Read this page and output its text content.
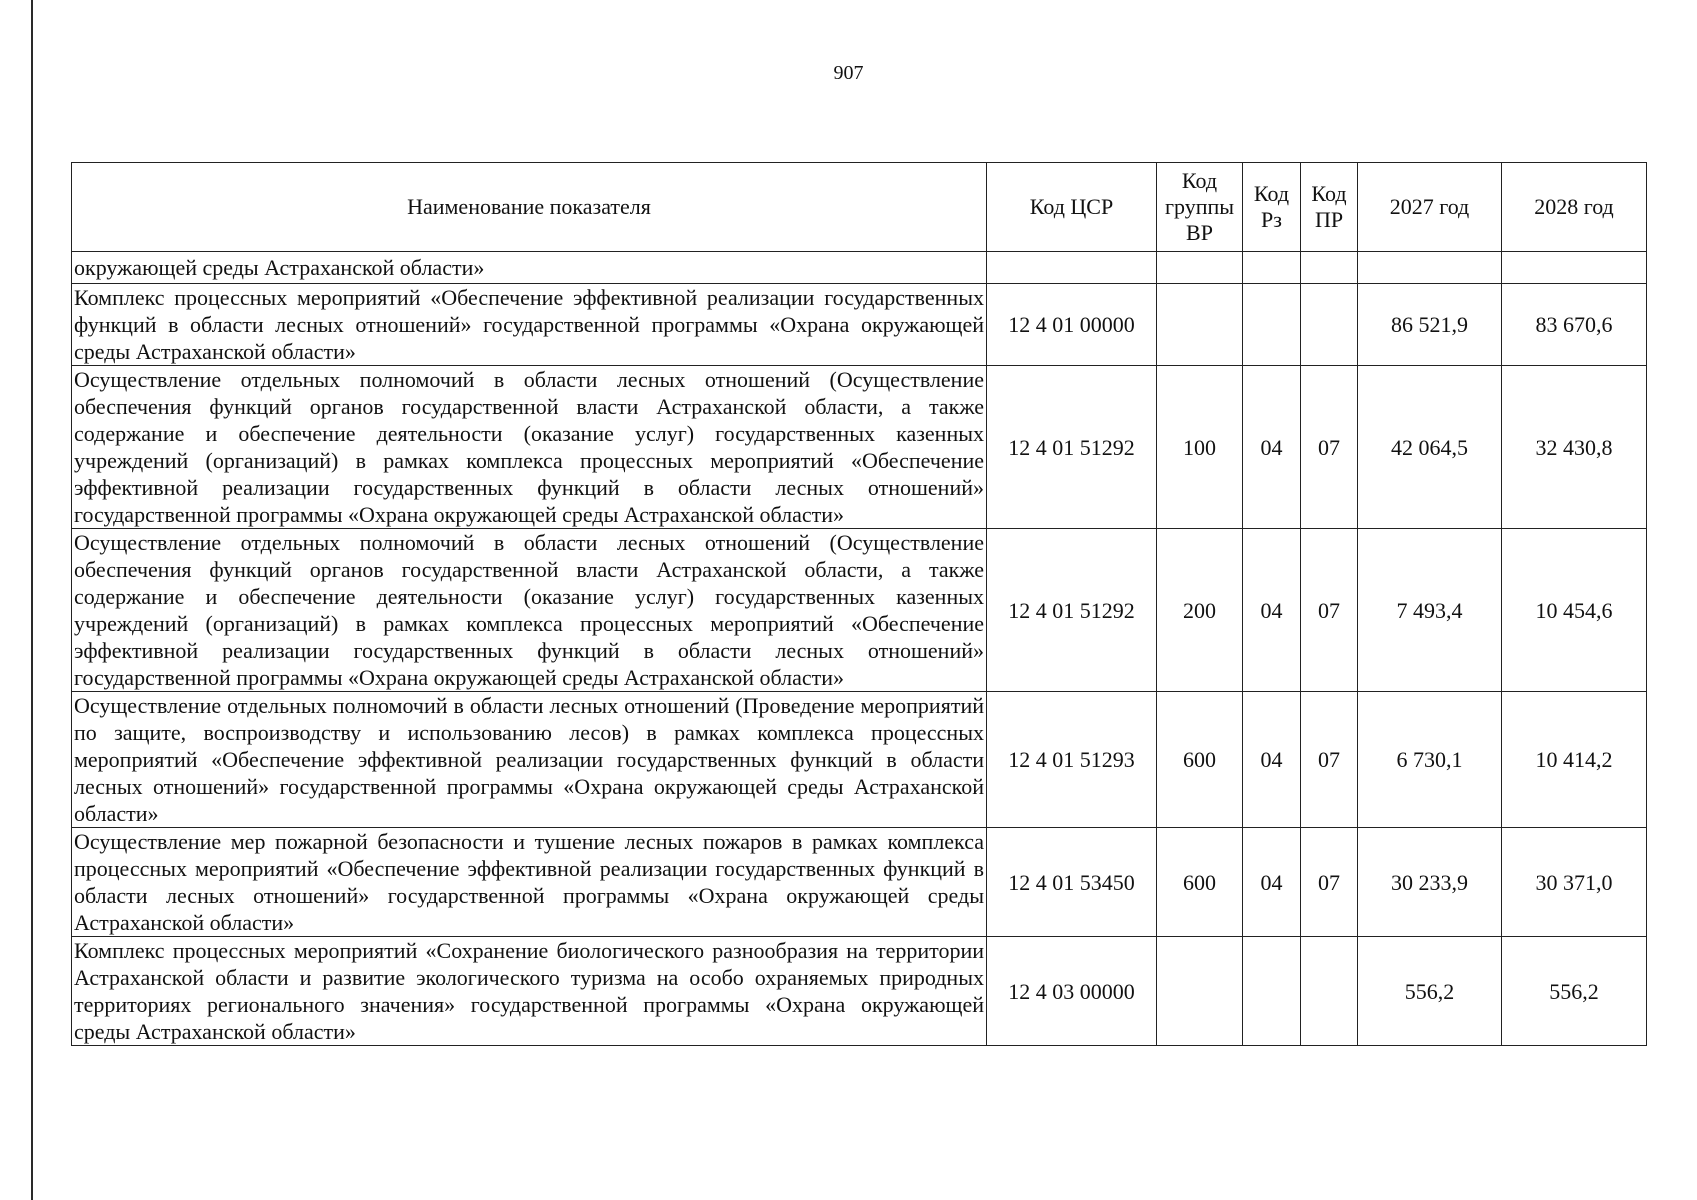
907
Наименование показателя	Код ЦСР	Код группы ВР	Код Рз	Код ПР	2027 год	2028 год
окружающей среды Астраханской области»						
Комплекс процессных мероприятий «Обеспечение эффективной реализации государственных функций в области лесных отношений» государственной программы «Охрана окружающей среды Астраханской области»	12 4 01 00000				86 521,9	83 670,6
Осуществление отдельных полномочий в области лесных отношений (Осуществление обеспечения функций органов государственной власти Астраханской области, а также содержание и обеспечение деятельности (оказание услуг) государственных казенных учреждений (организаций) в рамках комплекса процессных мероприятий «Обеспечение эффективной реализации государственных функций в области лесных отношений» государственной программы «Охрана окружающей среды Астраханской области»	12 4 01 51292	100	04	07	42 064,5	32 430,8
Осуществление отдельных полномочий в области лесных отношений (Осуществление обеспечения функций органов государственной власти Астраханской области, а также содержание и обеспечение деятельности (оказание услуг) государственных казенных учреждений (организаций) в рамках комплекса процессных мероприятий «Обеспечение эффективной реализации государственных функций в области лесных отношений» государственной программы «Охрана окружающей среды Астраханской области»	12 4 01 51292	200	04	07	7 493,4	10 454,6
Осуществление отдельных полномочий в области лесных отношений (Проведение мероприятий по защите, воспроизводству и использованию лесов) в рамках комплекса процессных мероприятий «Обеспечение эффективной реализации государственных функций в области лесных отношений» государственной программы «Охрана окружающей среды Астраханской области»	12 4 01 51293	600	04	07	6 730,1	10 414,2
Осуществление мер пожарной безопасности и тушение лесных пожаров в рамках комплекса процессных мероприятий «Обеспечение эффективной реализации государственных функций в области лесных отношений» государственной программы «Охрана окружающей среды Астраханской области»	12 4 01 53450	600	04	07	30 233,9	30 371,0
Комплекс процессных мероприятий «Сохранение биологического разнообразия на территории Астраханской области и развитие экологического туризма на особо охраняемых природных территориях регионального значения» государственной программы «Охрана окружающей среды Астраханской области»	12 4 03 00000				556,2	556,2
